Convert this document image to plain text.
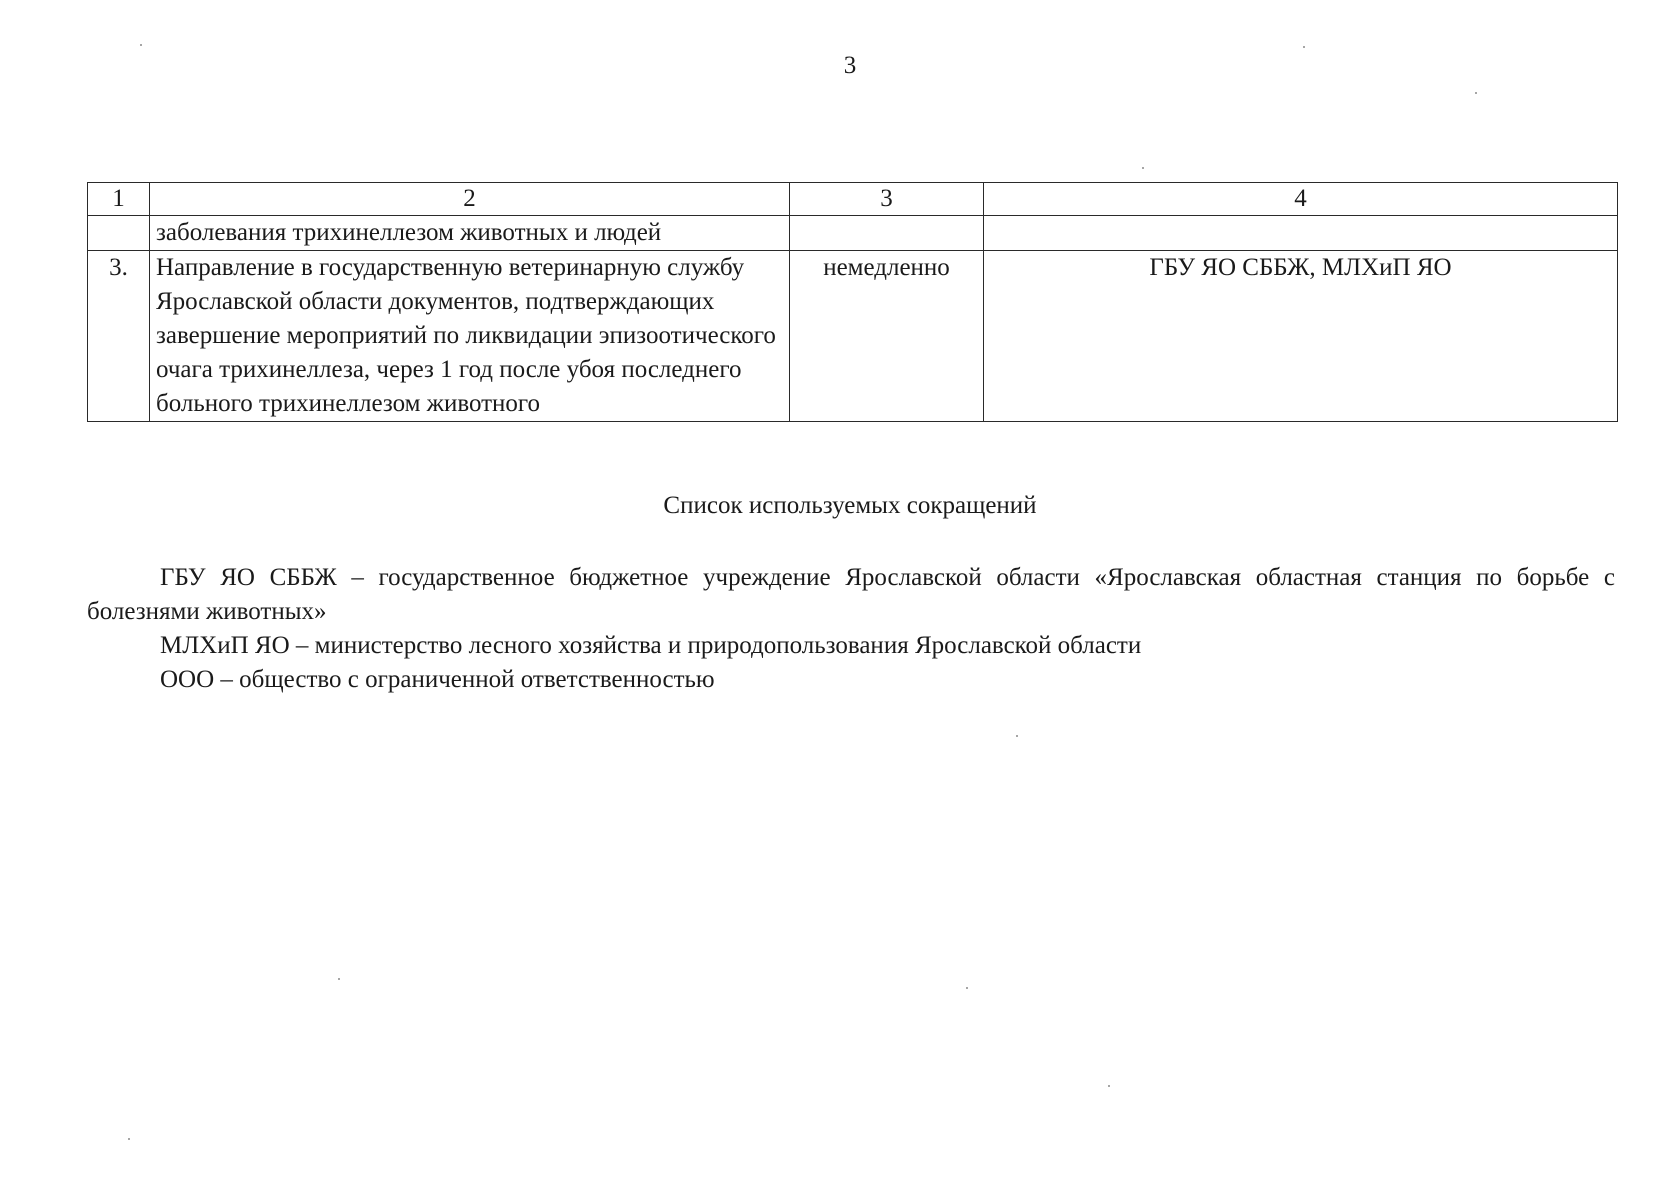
3
1	2	3	4
	заболевания трихинеллезом животных и людей		
3.	Направление в государственную ветеринарную службу Ярославской области документов, подтверждающих завершение мероприятий по ликвидации эпизоотического очага трихинеллеза, через 1 год после убоя последнего больного трихинеллезом животного	немедленно	ГБУ ЯО СББЖ, МЛХиП ЯО
Список используемых сокращений

ГБУ ЯО СББЖ – государственное бюджетное учреждение Ярославской области «Ярославская областная станция по борьбе с болезнями животных»

МЛХиП ЯО – министерство лесного хозяйства и природопользования Ярославской области

ООО – общество с ограниченной ответственностью
